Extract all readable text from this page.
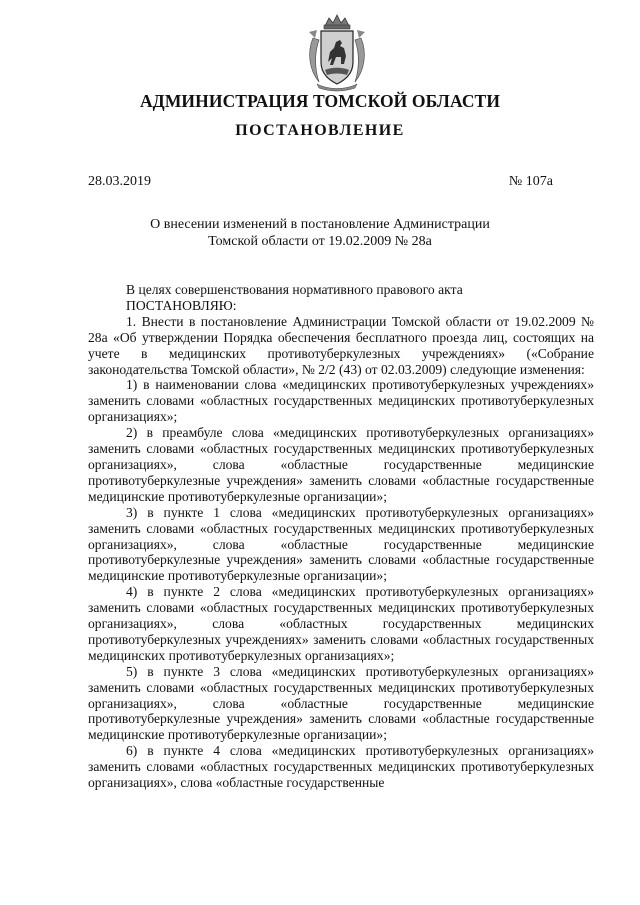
АДМИНИСТРАЦИЯ ТОМСКОЙ ОБЛАСТИ
ПОСТАНОВЛЕНИЕ
28.03.2019	№ 107а
О внесении изменений в постановление Администрации
Томской области от 19.02.2009 № 28а

В целях совершенствования нормативного правового акта

ПОСТАНОВЛЯЮ:

1. Внести в постановление Администрации Томской области от 19.02.2009 № 28а «Об утверждении Порядка обеспечения бесплатного проезда лиц, состоящих на учете в медицинских противотуберкулезных учреждениях» («Собрание законодательства Томской области», № 2/2 (43) от 02.03.2009) следующие изменения:

1) в наименовании слова «медицинских противотуберкулезных учреждениях» заменить словами «областных государственных медицинских противотуберкулезных организациях»;

2) в преамбуле слова «медицинских противотуберкулезных организациях» заменить словами «областных государственных медицинских противотуберкулезных организациях», слова «областные государственные медицинские противотуберкулезные учреждения» заменить словами «областные государственные медицинские противотуберкулезные организации»;

3) в пункте 1 слова «медицинских противотуберкулезных организациях» заменить словами «областных государственных медицинских противотуберкулезных организациях», слова «областные государственные медицинские противотуберкулезные учреждения» заменить словами «областные государственные медицинские противотуберкулезные организации»;

4) в пункте 2 слова «медицинских противотуберкулезных организациях» заменить словами «областных государственных медицинских противотуберкулезных организациях», слова «областных государственных медицинских противотуберкулезных учреждениях» заменить словами «областных государственных медицинских противотуберкулезных организациях»;

5) в пункте 3 слова «медицинских противотуберкулезных организациях» заменить словами «областных государственных медицинских противотуберкулезных организациях», слова «областные государственные медицинские противотуберкулезные учреждения» заменить словами «областные государственные медицинские противотуберкулезные организации»;

6) в пункте 4 слова «медицинских противотуберкулезных организациях» заменить словами «областных государственных медицинских противотуберкулезных организациях», слова «областные государственные
